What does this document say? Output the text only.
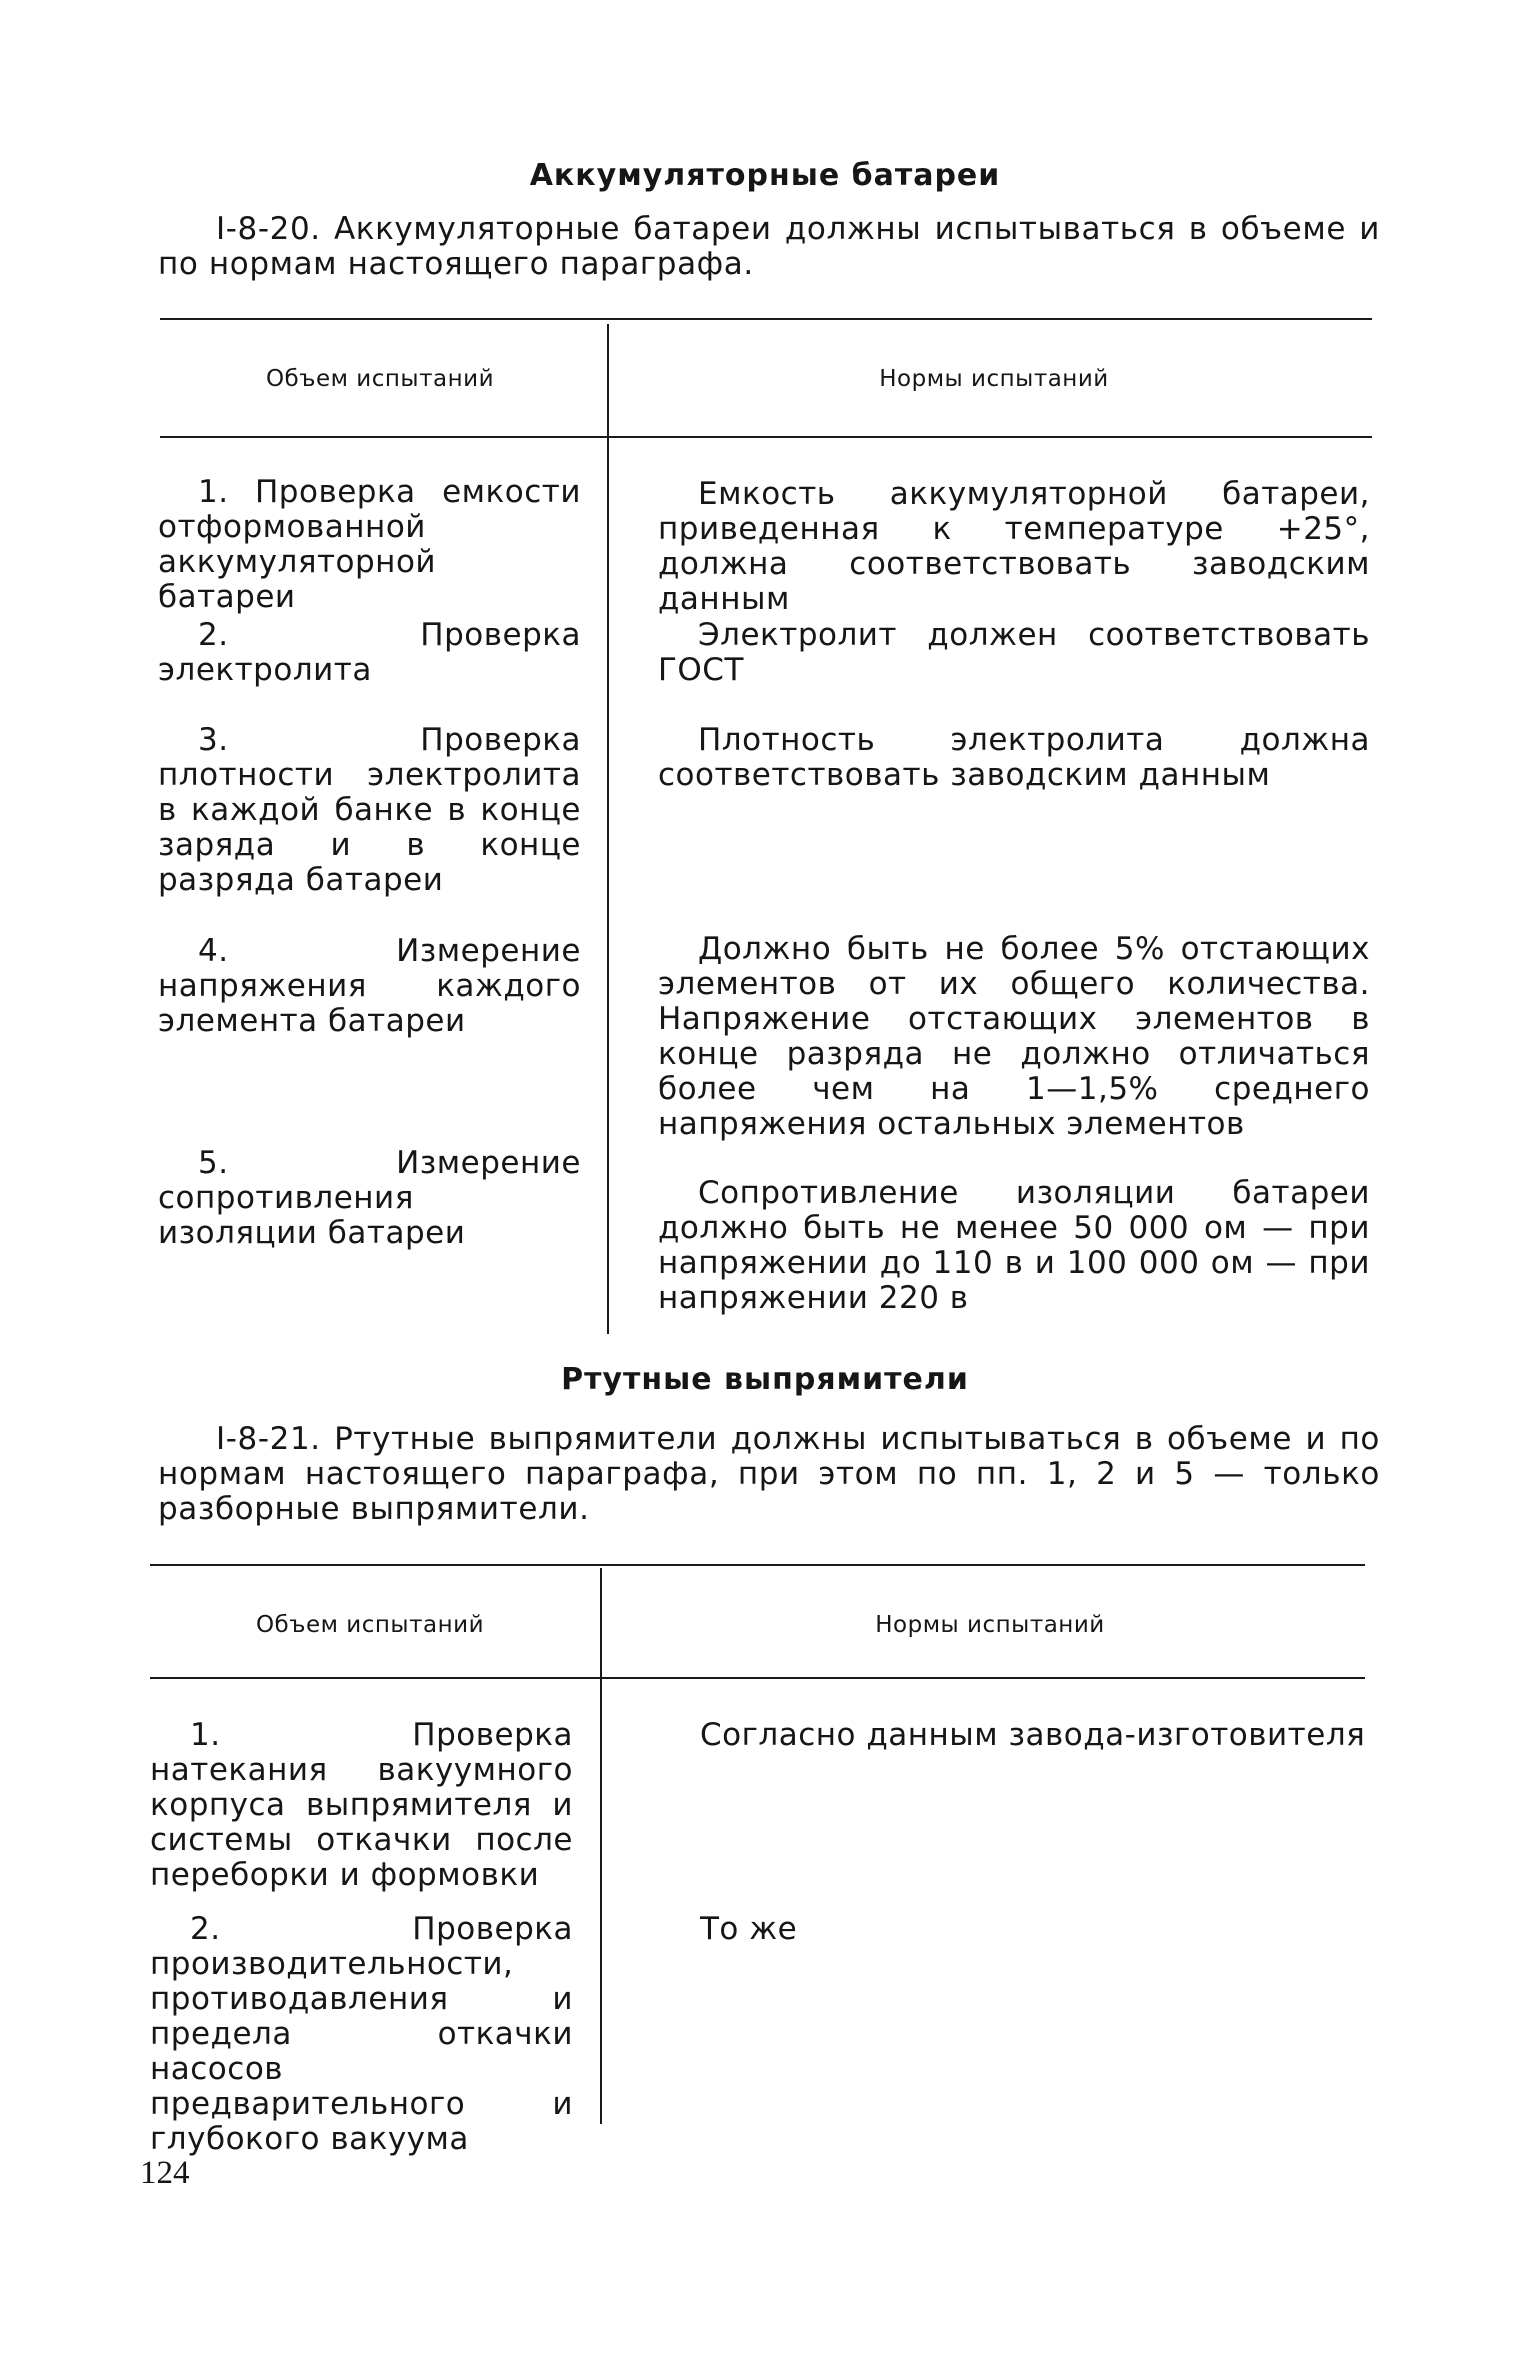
Аккумуляторные батареи
I-8-20. Аккумуляторные батареи должны испытываться в объеме и по нормам настоящего параграфа.
Объем испытаний	Нормы испытаний
1. Проверка емкости отформованной аккумуляторной батареи
Емкость аккумуляторной батареи, приведенная к температуре +25°, должна соответствовать заводским данным
2. Проверка электролита
Электролит должен соответствовать ГОСТ
3. Проверка плотности электролита в каждой банке в конце заряда и в конце разряда батареи
Плотность электролита должна соответствовать заводским данным
4. Измерение напряжения каждого элемента батареи
Должно быть не более 5% отстающих элементов от их общего количества. Напряжение отстающих элементов в конце разряда не должно отличаться более чем на 1—1,5% среднего напряжения остальных элементов
5. Измерение сопротивления изоляции батареи
Сопротивление изоляции батареи должно быть не менее 50 000 ом — при напряжении до 110 в и 100 000 ом — при напряжении 220 в
Ртутные выпрямители
I-8-21. Ртутные выпрямители должны испытываться в объеме и по нормам настоящего параграфа, при этом по пп. 1, 2 и 5 — только разборные выпрямители.
Объем испытаний	Нормы испытаний
1. Проверка натекания вакуумного корпуса выпрямителя и системы откачки после переборки и формовки
Согласно данным завода-изготовителя
2. Проверка производительности, противодавления и предела откачки насосов предварительного и глубокого вакуума
То же
124
